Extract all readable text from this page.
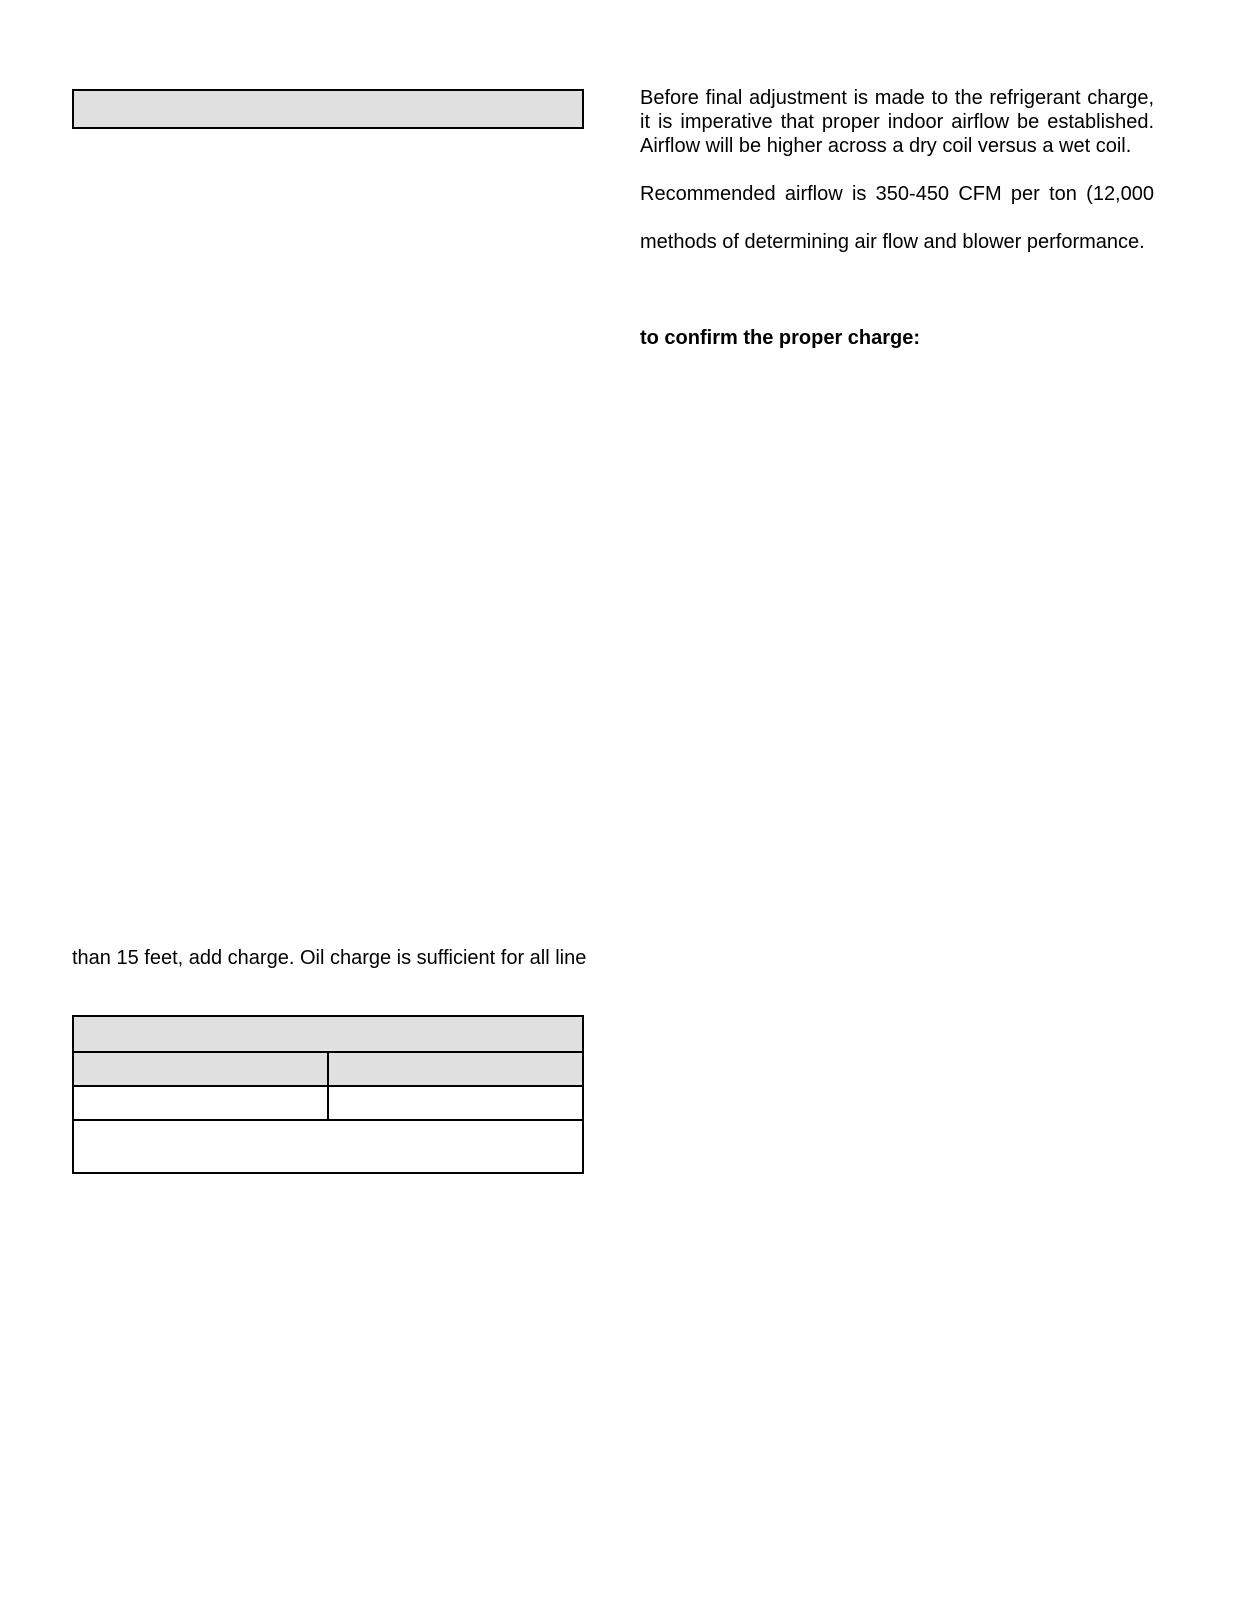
than 15 feet, add charge. Oil charge is sufficient for all line

Before final adjustment is made to the refrigerant charge, it is imperative that proper indoor airflow be established. Airflow will be higher across a dry coil versus a wet coil.

Recommended airflow is 350-450 CFM per ton (12,000

methods of determining air flow and blower performance.

to confirm the proper charge:
